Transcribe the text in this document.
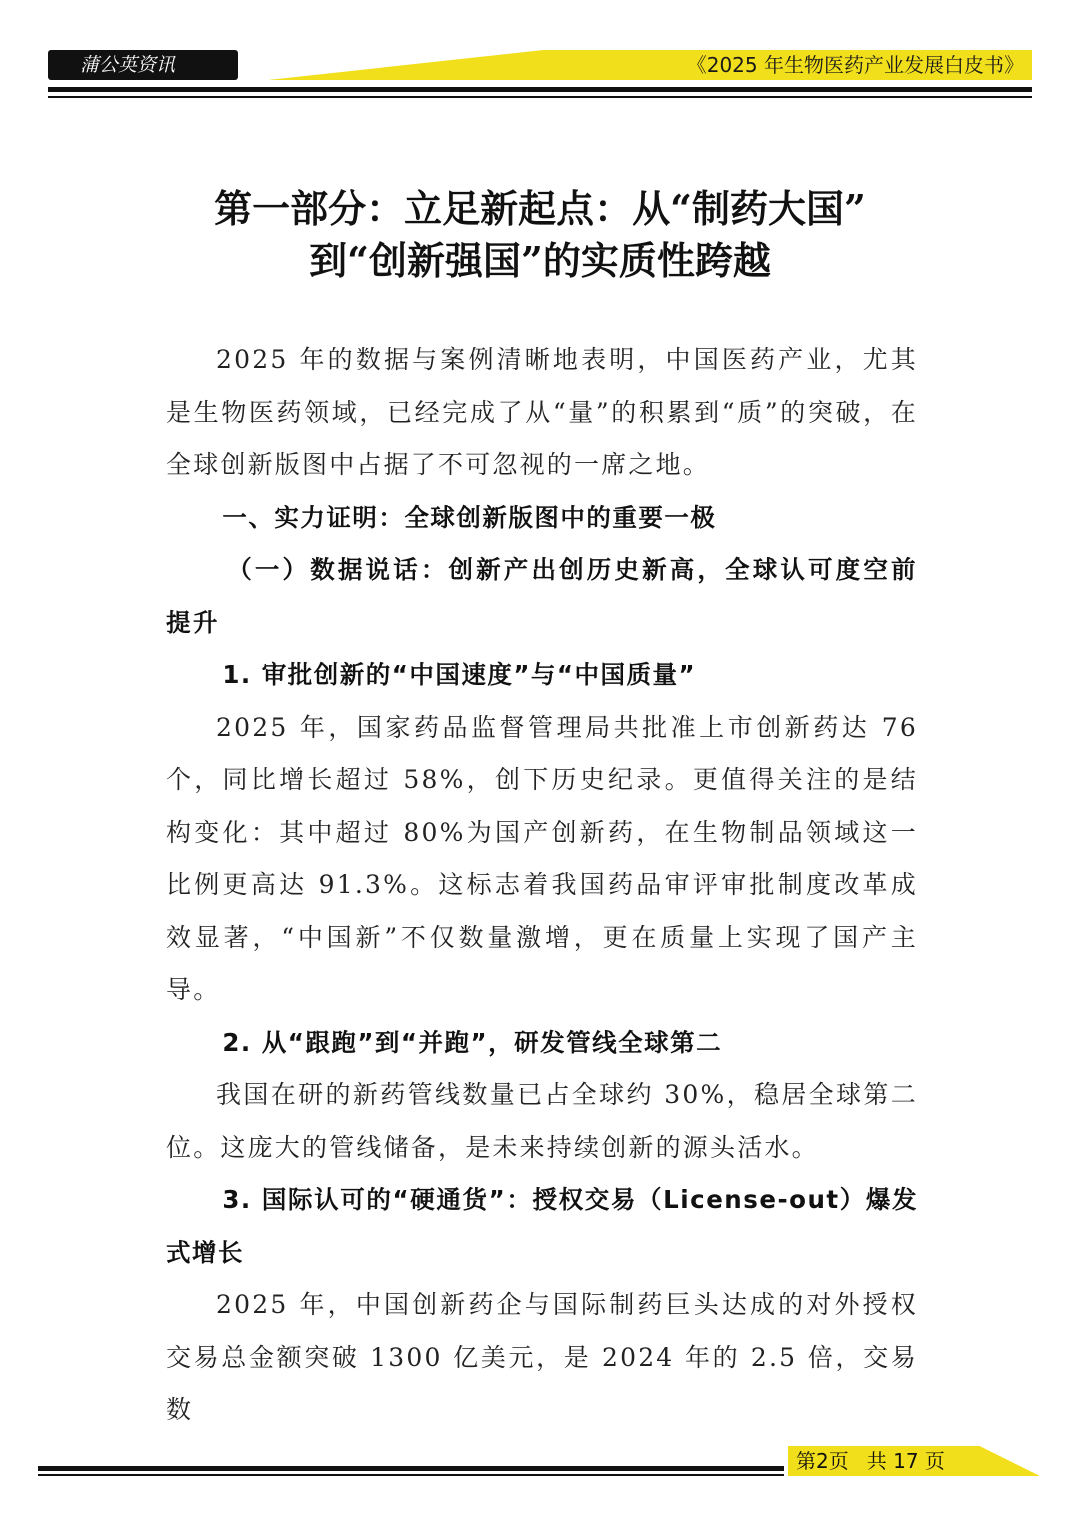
蒲公英资讯	《2025 年生物医药产业发展白皮书》
第一部分：立足新起点：从“制药大国”
到“创新强国”的实质性跨越

2025 年的数据与案例清晰地表明，中国医药产业，尤其是生物医药领域，已经完成了从“量”的积累到“质”的突破，在全球创新版图中占据了不可忽视的一席之地。

一、实力证明：全球创新版图中的重要一极

（一）数据说话：创新产出创历史新高，全球认可度空前提升

1. 审批创新的“中国速度”与“中国质量”

2025 年，国家药品监督管理局共批准上市创新药达 76 个，同比增长超过 58%，创下历史纪录。更值得关注的是结构变化：其中超过 80%为国产创新药，在生物制品领域这一比例更高达 91.3%。这标志着我国药品审评审批制度改革成效显著，“中国新”不仅数量激增，更在质量上实现了国产主导。

2. 从“跟跑”到“并跑”，研发管线全球第二

我国在研的新药管线数量已占全球约 30%，稳居全球第二位。这庞大的管线储备，是未来持续创新的源头活水。

3. 国际认可的“硬通货”：授权交易（License-out）爆发式增长

2025 年，中国创新药企与国际制药巨头达成的对外授权交易总金额突破 1300 亿美元，是 2024 年的 2.5 倍，交易数

第2页 共 17 页
